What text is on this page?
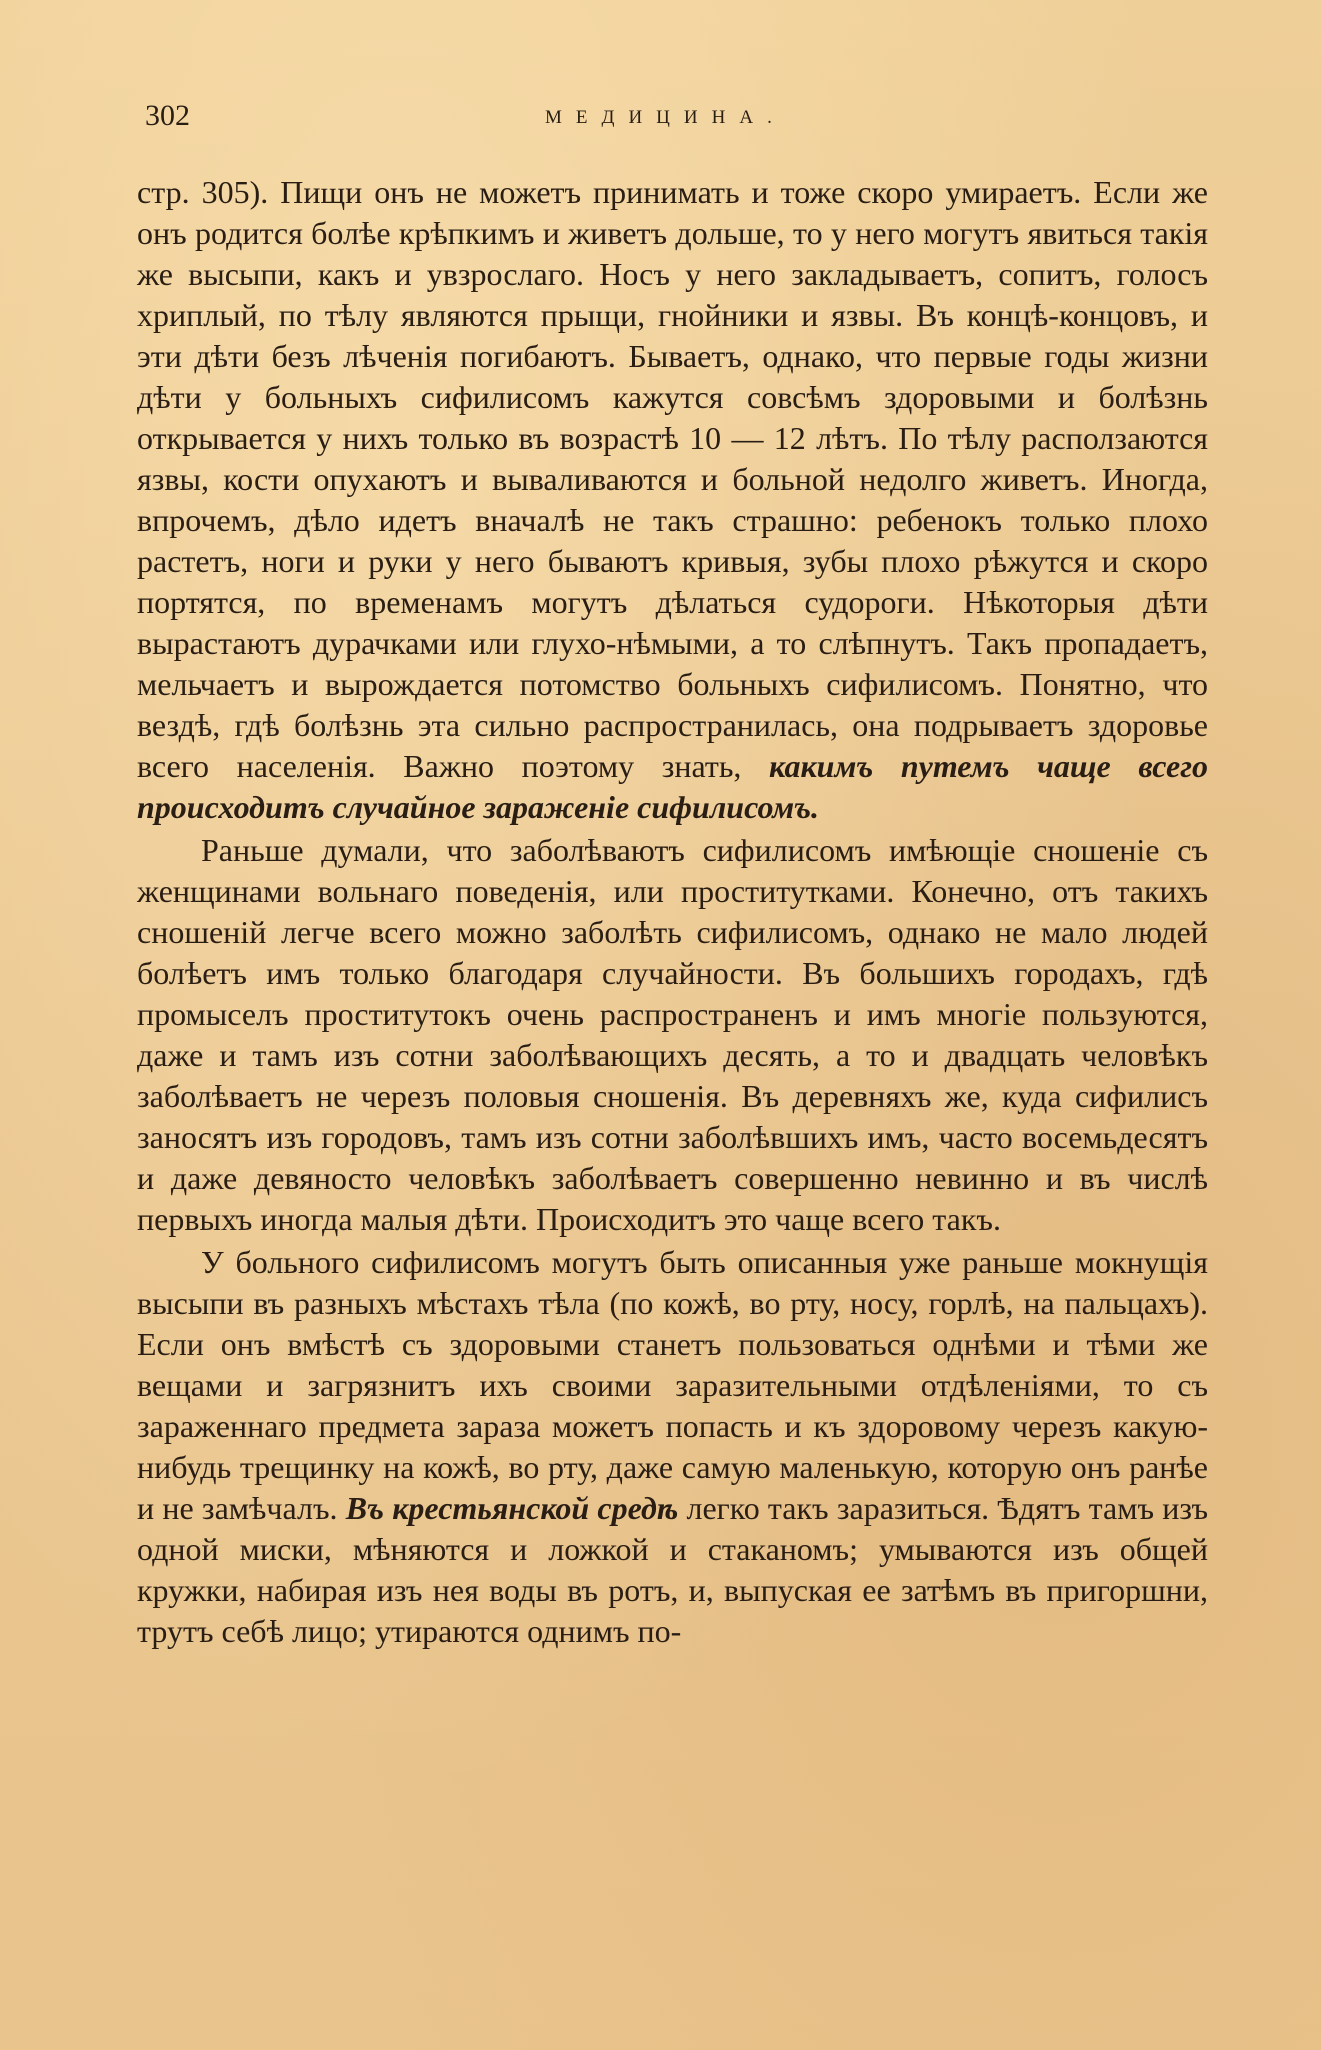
302	МЕДИЦИНА.

стр. 305). Пищи онъ не можетъ принимать и тоже скоро умираетъ. Если же онъ родится болѣе крѣпкимъ и живетъ дольше, то у него могутъ явиться такія же высыпи, какъ и увзрослаго. Носъ у него закладываетъ, сопитъ, голосъ хриплый, по тѣлу являются прыщи, гнойники и язвы. Въ концѣ-концовъ, и эти дѣти безъ лѣченія погибаютъ. Бываетъ, однако, что первые годы жизни дѣти у больныхъ сифилисомъ кажутся совсѣмъ здоровыми и болѣзнь открывается у нихъ только въ возрастѣ 10 — 12 лѣтъ. По тѣлу расползаются язвы, кости опухаютъ и вываливаются и больной недолго живетъ. Иногда, впрочемъ, дѣло идетъ вначалѣ не такъ страшно: ребенокъ только плохо растетъ, ноги и руки у него бываютъ кривыя, зубы плохо рѣжутся и скоро портятся, по временамъ могутъ дѣлаться судороги. Нѣкоторыя дѣти вырастаютъ дурачками или глухо-нѣмыми, а то слѣпнутъ. Такъ пропадаетъ, мельчаетъ и вырождается потомство больныхъ сифилисомъ. Понятно, что вездѣ, гдѣ болѣзнь эта сильно распространилась, она подрываетъ здоровье всего населенія. Важно поэтому знать, какимъ путемъ чаще всего происходитъ случайное зараженіе сифилисомъ.

Раньше думали, что заболѣваютъ сифилисомъ имѣющіе сношеніе съ женщинами вольнаго поведенія, или проститутками. Конечно, отъ такихъ сношеній легче всего можно заболѣть сифилисомъ, однако не мало людей болѣетъ имъ только благодаря случайности. Въ большихъ городахъ, гдѣ промыселъ проститутокъ очень распространенъ и имъ многіе пользуются, даже и тамъ изъ сотни заболѣвающихъ десять, а то и двадцать человѣкъ заболѣваетъ не черезъ половыя сношенія. Въ деревняхъ же, куда сифилисъ заносятъ изъ городовъ, тамъ изъ сотни заболѣвшихъ имъ, часто восемьдесятъ и даже девяносто человѣкъ заболѣваетъ совершенно невинно и въ числѣ первыхъ иногда малыя дѣти. Происходитъ это чаще всего такъ.

У больного сифилисомъ могутъ быть описанныя уже раньше мокнущія высыпи въ разныхъ мѣстахъ тѣла (по кожѣ, во рту, носу, горлѣ, на пальцахъ). Если онъ вмѣстѣ съ здоровыми станетъ пользоваться однѣми и тѣми же вещами и загрязнитъ ихъ своими заразительными отдѣленіями, то съ зараженнаго предмета зараза можетъ попасть и къ здоровому черезъ какую-нибудь трещинку на кожѣ, во рту, даже самую маленькую, которую онъ ранѣе и не замѣчалъ. Въ крестьянской средѣ легко такъ заразиться. Ѣдятъ тамъ изъ одной миски, мѣняются и ложкой и стаканомъ; умываются изъ общей кружки, набирая изъ нея воды въ ротъ, и, выпуская ее затѣмъ въ пригоршни, трутъ себѣ лицо; утираются однимъ по-
